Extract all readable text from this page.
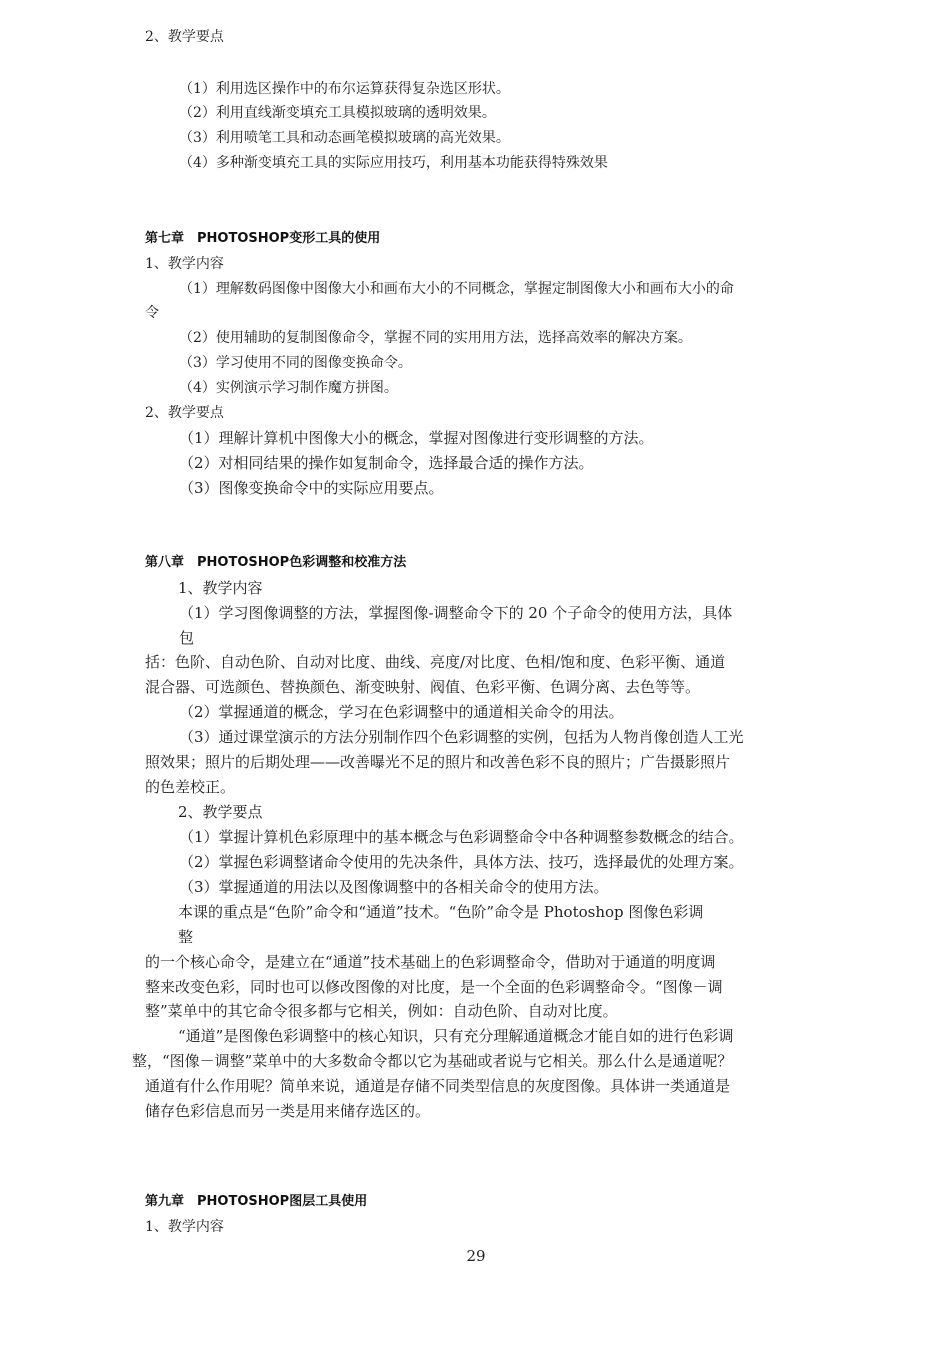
2、教学要点
（1）利用选区操作中的布尔运算获得复杂选区形状。
（2）利用直线渐变填充工具模拟玻璃的透明效果。
（3）利用喷笔工具和动态画笔模拟玻璃的高光效果。
（4）多种渐变填充工具的实际应用技巧，利用基本功能获得特殊效果
第七章　PHOTOSHOP变形工具的使用
1、教学内容
（1）理解数码图像中图像大小和画布大小的不同概念，掌握定制图像大小和画布大小的命
令
（2）使用辅助的复制图像命令，掌握不同的实用用方法，选择高效率的解决方案。
（3）学习使用不同的图像变换命令。
（4）实例演示学习制作魔方拼图。
2、教学要点
（1）理解计算机中图像大小的概念，掌握对图像进行变形调整的方法。
（2）对相同结果的操作如复制命令，选择最合适的操作方法。
（3）图像变换命令中的实际应用要点。
第八章　PHOTOSHOP色彩调整和校准方法
1、教学内容
（1）学习图像调整的方法，掌握图像-调整命令下的 20 个子命令的使用方法，具体
包
括：色阶、自动色阶、自动对比度、曲线、亮度/对比度、色相/饱和度、色彩平衡、通道
混合器、可选颜色、替换颜色、渐变映射、阀值、色彩平衡、色调分离、去色等等。
（2）掌握通道的概念，学习在色彩调整中的通道相关命令的用法。
（3）通过课堂演示的方法分别制作四个色彩调整的实例，包括为人物肖像创造人工光
照效果；照片的后期处理——改善曝光不足的照片和改善色彩不良的照片；广告摄影照片
的色差校正。
2、教学要点
（1）掌握计算机色彩原理中的基本概念与色彩调整命令中各种调整参数概念的结合。
（2）掌握色彩调整诸命令使用的先决条件，具体方法、技巧，选择最优的处理方案。
（3）掌握通道的用法以及图像调整中的各相关命令的使用方法。
本课的重点是“色阶”命令和“通道”技术。“色阶”命令是 Photoshop 图像色彩调
整
的一个核心命令，是建立在“通道”技术基础上的色彩调整命令，借助对于通道的明度调
整来改变色彩，同时也可以修改图像的对比度，是一个全面的色彩调整命令。“图像－调
整”菜单中的其它命令很多都与它相关，例如：自动色阶、自动对比度。
“通道”是图像色彩调整中的核心知识，只有充分理解通道概念才能自如的进行色彩调
整，“图像－调整”菜单中的大多数命令都以它为基础或者说与它相关。那么什么是通道呢？
通道有什么作用呢？简单来说，通道是存储不同类型信息的灰度图像。具体讲一类通道是
储存色彩信息而另一类是用来储存选区的。
第九章　PHOTOSHOP图层工具使用
1、教学内容
29
